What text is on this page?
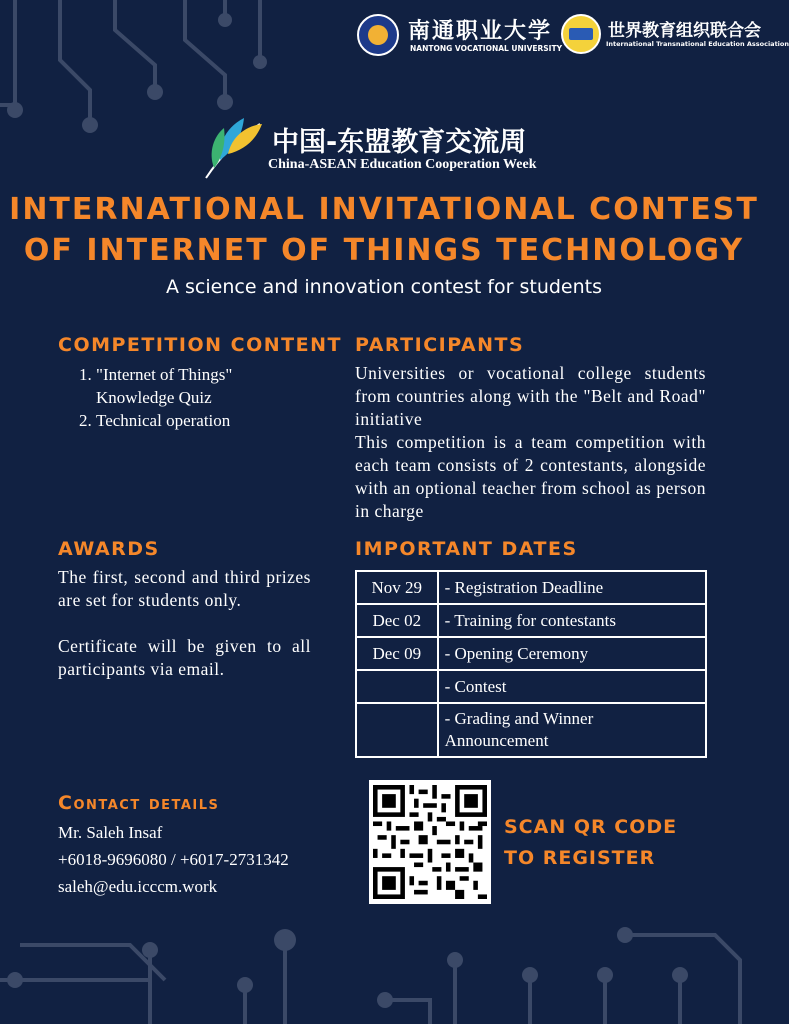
南通职业大学
NANTONG VOCATIONAL UNIVERSITY
世界教育组织联合会
International Transnational Education Association
中国-东盟教育交流周
China-ASEAN Education Cooperation Week
INTERNATIONAL INVITATIONAL CONTEST
OF INTERNET OF THINGS TECHNOLOGY
A science and innovation contest for students
COMPETITION CONTENT
1. "Internet of Things" Knowledge Quiz
2. Technical operation
PARTICIPANTS
Universities or vocational college students from countries along with the "Belt and Road" initiative
This competition is a team competition with each team consists of 2 contestants, alongside with an optional teacher from school as person in charge
AWARDS
The first, second and third prizes are set for students only.
Certificate will be given to all participants via email.
IMPORTANT DATES
Nov 29	- Registration Deadline
Dec 02	- Training for contestants
Dec 09	- Opening Ceremony
	- Contest
	- Grading and Winner Announcement
Contact details
Mr. Saleh Insaf
+6018-9696080 / +6017-2731342
saleh@edu.icccm.work
SCAN QR CODE
TO REGISTER
